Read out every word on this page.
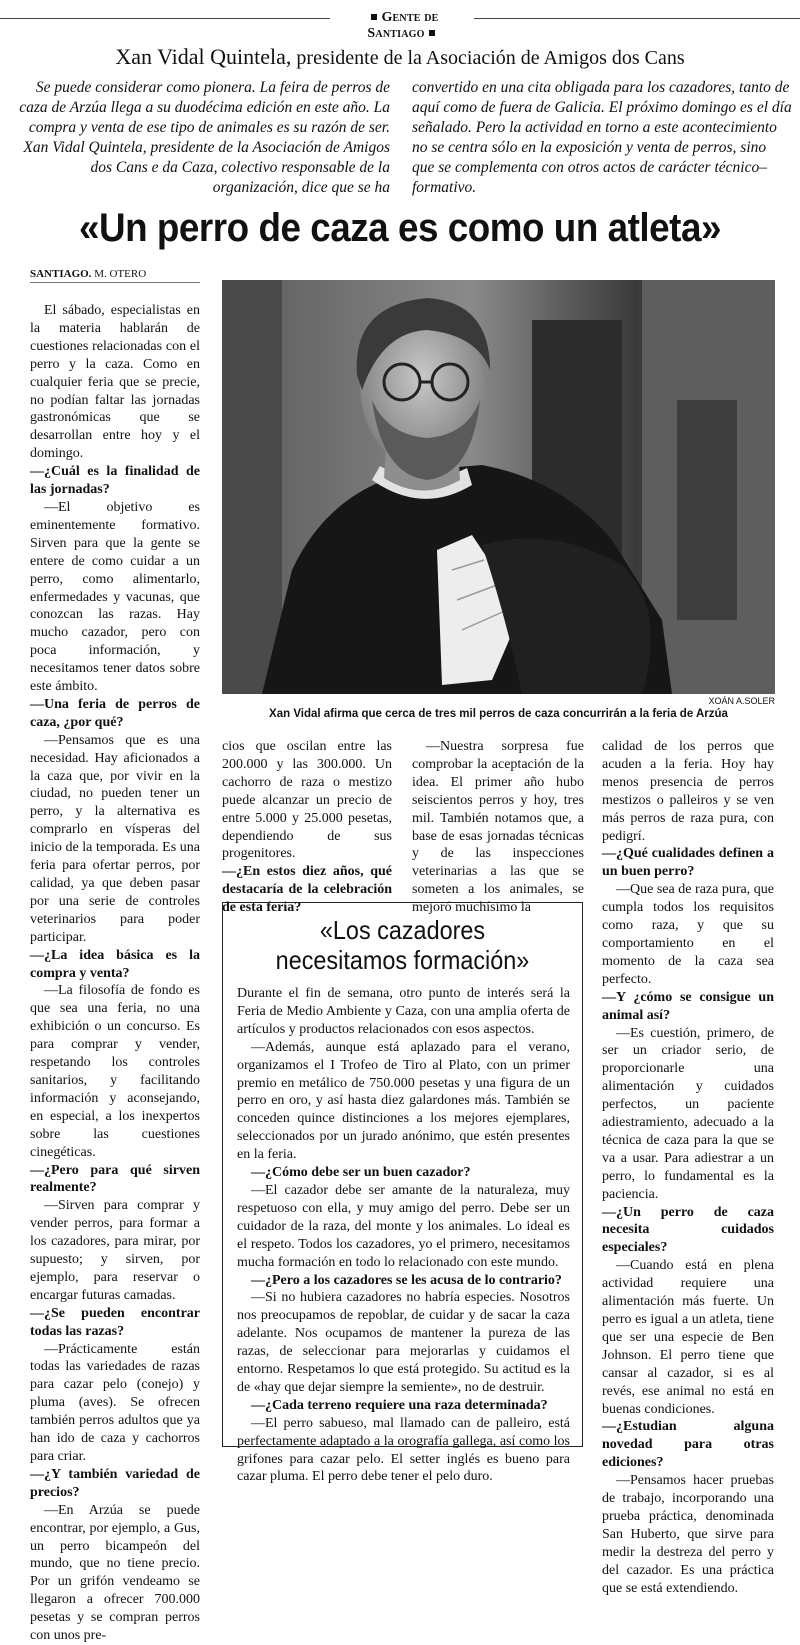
Gente de Santiago
Xan Vidal Quintela, presidente de la Asociación de Amigos dos Cans
Se puede considerar como pionera. La feira de perros de caza de Arzúa llega a su duodécima edición en este año. La compra y venta de ese tipo de animales es su razón de ser. Xan Vidal Quintela, presidente de la Asociación de Amigos dos Cans e da Caza, colectivo responsable de la organización, dice que se ha
convertido en una cita obligada para los cazadores, tanto de aquí como de fuera de Galicia. El próximo domingo es el día señalado. Pero la actividad en torno a este acontecimiento no se centra sólo en la exposición y venta de perros, sino que se complementa con otros actos de carácter técnico–formativo.
«Un perro de caza es como un atleta»
SANTIAGO. M. OTERO
XOÁN A.SOLER
Xan Vidal afirma que cerca de tres mil perros de caza concurrirán a la feria de Arzúa

El sábado, especialistas en la materia hablarán de cuestiones relacionadas con el perro y la caza. Como en cualquier feria que se precie, no podían faltar las jornadas gastronómicas que se desarrollan entre hoy y el domingo.

—¿Cuál es la finalidad de las jornadas?

—El objetivo es eminentemente formativo. Sirven para que la gente se entere de como cuidar a un perro, como alimentarlo, enfermedades y vacunas, que conozcan las razas. Hay mucho cazador, pero con poca información, y necesitamos tener datos sobre este ámbito.

—Una feria de perros de caza, ¿por qué?

—Pensamos que es una necesidad. Hay aficionados a la caza que, por vivir en la ciudad, no pueden tener un perro, y la alternativa es comprarlo en vísperas del inicio de la temporada. Es una feria para ofertar perros, por calidad, ya que deben pasar por una serie de controles veterinarios para poder participar.

—¿La idea básica es la compra y venta?

—La filosofía de fondo es que sea una feria, no una exhibición o un concurso. Es para comprar y vender, respetando los controles sanitarios, y facilitando información y aconsejando, en especial, a los inexpertos sobre las cuestiones cinegéticas.

—¿Pero para qué sirven realmente?

—Sirven para comprar y vender perros, para formar a los cazadores, para mirar, por supuesto; y sirven, por ejemplo, para reservar o encargar futuras camadas.

—¿Se pueden encontrar todas las razas?

—Prácticamente están todas las variedades de razas para cazar pelo (conejo) y pluma (aves). Se ofrecen también perros adultos que ya han ido de caza y cachorros para criar.

—¿Y también variedad de precios?

—En Arzúa se puede encontrar, por ejemplo, a Gus, un perro bicampeón del mundo, que no tiene precio. Por un grifón vendeamo se llegaron a ofrecer 700.000 pesetas y se compran perros con unos pre-

cios que oscilan entre las 200.000 y las 300.000. Un cachorro de raza o mestizo puede alcanzar un precio de entre 5.000 y 25.000 pesetas, dependiendo de sus progenitores.

—¿En estos diez años, qué destacaría de la celebración de esta feria?

—Nuestra sorpresa fue comprobar la aceptación de la idea. El primer año hubo seiscientos perros y hoy, tres mil. También notamos que, a base de esas jornadas técnicas y de las inspecciones veterinarias a las que se someten a los animales, se mejoró muchísimo la

calidad de los perros que acuden a la feria. Hoy hay menos presencia de perros mestizos o palleiros y se ven más perros de raza pura, con pedigrí.

—¿Qué cualidades definen a un buen perro?

—Que sea de raza pura, que cumpla todos los requisitos como raza, y que su comportamiento en el momento de la caza sea perfecto.

—Y ¿cómo se consigue un animal así?

—Es cuestión, primero, de ser un criador serio, de proporcionarle una alimentación y cuidados perfectos, un paciente adiestramiento, adecuado a la técnica de caza para la que se va a usar. Para adiestrar a un perro, lo fundamental es la paciencia.

—¿Un perro de caza necesita cuidados especiales?

—Cuando está en plena actividad requiere una alimentación más fuerte. Un perro es igual a un atleta, tiene que ser una especie de Ben Johnson. El perro tiene que cansar al cazador, si es al revés, ese animal no está en buenas condiciones.

—¿Estudian alguna novedad para otras ediciones?

—Pensamos hacer pruebas de trabajo, incorporando una prueba práctica, denominada San Huberto, que sirve para medir la destreza del perro y del cazador. Es una práctica que se está extendiendo.

«Los cazadores
necesitamos formación»

Durante el fin de semana, otro punto de interés será la Feria de Medio Ambiente y Caza, con una amplia oferta de artículos y productos relacionados con esos aspectos.

—Además, aunque está aplazado para el verano, organizamos el I Trofeo de Tiro al Plato, con un primer premio en metálico de 750.000 pesetas y una figura de un perro en oro, y así hasta diez galardones más. También se conceden quince distinciones a los mejores ejemplares, seleccionados por un jurado anónimo, que estén presentes en la feria.

—¿Cómo debe ser un buen cazador?

—El cazador debe ser amante de la naturaleza, muy respetuoso con ella, y muy amigo del perro. Debe ser un cuidador de la raza, del monte y los animales. Lo ideal es el respeto. Todos los cazadores, yo el primero, necesitamos mucha formación en todo lo relacionado con este mundo.

—¿Pero a los cazadores se les acusa de lo contrario?

—Si no hubiera cazadores no habría especies. Nosotros nos preocupamos de repoblar, de cuidar y de sacar la caza adelante. Nos ocupamos de mantener la pureza de las razas, de seleccionar para mejorarlas y cuidamos el entorno. Respetamos lo que está protegido. Su actitud es la de «hay que dejar siempre la semiente», no de destruir.

—¿Cada terreno requiere una raza determinada?

—El perro sabueso, mal llamado can de palleiro, está perfectamente adaptado a la orografía gallega, así como los grifones para cazar pelo. El setter inglés es bueno para cazar pluma. El perro debe tener el pelo duro.
